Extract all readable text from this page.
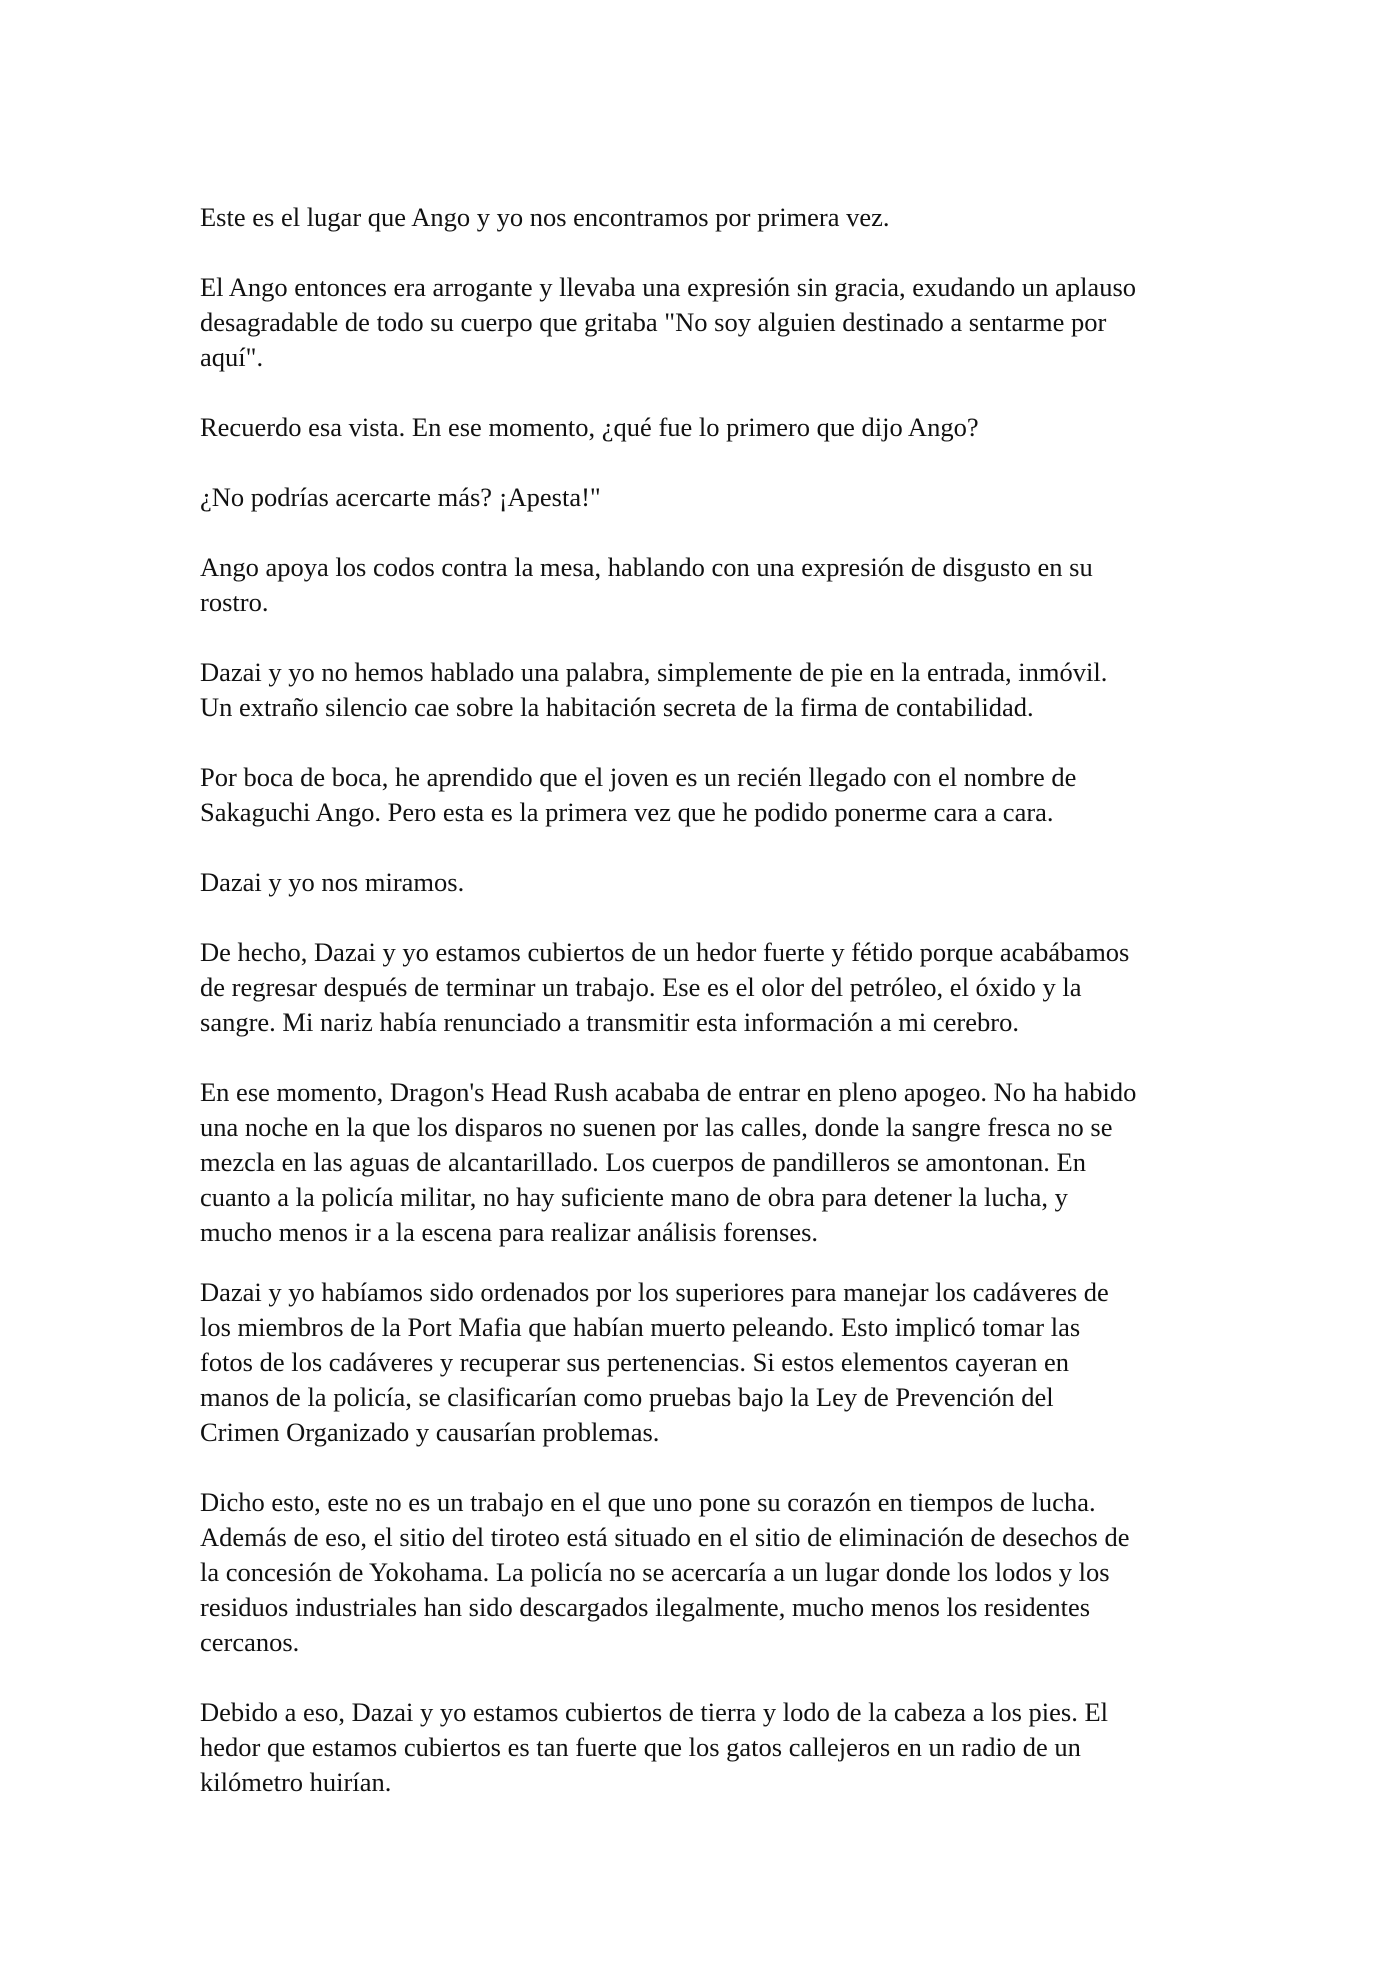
Este es el lugar que Ango y yo nos encontramos por primera vez.

El Ango entonces era arrogante y llevaba una expresión sin gracia, exudando un aplauso
desagradable de todo su cuerpo que gritaba "No soy alguien destinado a sentarme por
aquí".

Recuerdo esa vista. En ese momento, ¿qué fue lo primero que dijo Ango?

¿No podrías acercarte más? ¡Apesta!"

Ango apoya los codos contra la mesa, hablando con una expresión de disgusto en su
rostro.

Dazai y yo no hemos hablado una palabra, simplemente de pie en la entrada, inmóvil.
Un extraño silencio cae sobre la habitación secreta de la firma de contabilidad.

Por boca de boca, he aprendido que el joven es un recién llegado con el nombre de
Sakaguchi Ango. Pero esta es la primera vez que he podido ponerme cara a cara.

Dazai y yo nos miramos.

De hecho, Dazai y yo estamos cubiertos de un hedor fuerte y fétido porque acabábamos
de regresar después de terminar un trabajo. Ese es el olor del petróleo, el óxido y la
sangre. Mi nariz había renunciado a transmitir esta información a mi cerebro.

En ese momento, Dragon's Head Rush acababa de entrar en pleno apogeo. No ha habido
una noche en la que los disparos no suenen por las calles, donde la sangre fresca no se
mezcla en las aguas de alcantarillado. Los cuerpos de pandilleros se amontonan. En
cuanto a la policía militar, no hay suficiente mano de obra para detener la lucha, y
mucho menos ir a la escena para realizar análisis forenses.

Dazai y yo habíamos sido ordenados por los superiores para manejar los cadáveres de
los miembros de la Port Mafia que habían muerto peleando. Esto implicó tomar las
fotos de los cadáveres y recuperar sus pertenencias. Si estos elementos cayeran en
manos de la policía, se clasificarían como pruebas bajo la Ley de Prevención del
Crimen Organizado y causarían problemas.

Dicho esto, este no es un trabajo en el que uno pone su corazón en tiempos de lucha.
Además de eso, el sitio del tiroteo está situado en el sitio de eliminación de desechos de
la concesión de Yokohama. La policía no se acercaría a un lugar donde los lodos y los
residuos industriales han sido descargados ilegalmente, mucho menos los residentes
cercanos.

Debido a eso, Dazai y yo estamos cubiertos de tierra y lodo de la cabeza a los pies. El
hedor que estamos cubiertos es tan fuerte que los gatos callejeros en un radio de un
kilómetro huirían.
